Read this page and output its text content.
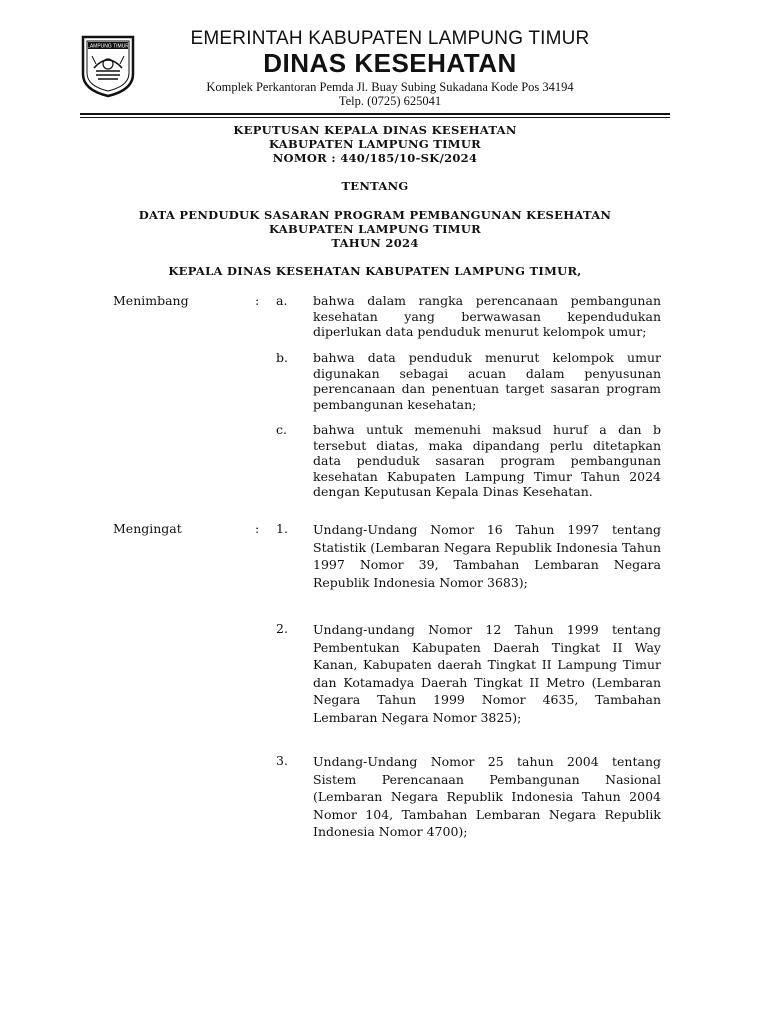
LAMPUNG TIMUR	EMERINTAH KABUPATEN LAMPUNG TIMUR
DINAS KESEHATAN
Komplek Perkantoran Pemda Jl. Buay Subing Sukadana Kode Pos 34194
Telp. (0725) 625041
KEPUTUSAN KEPALA DINAS KESEHATAN
KABUPATEN LAMPUNG TIMUR
NOMOR : 440/185/10-SK/2024
TENTANG
DATA PENDUDUK SASARAN PROGRAM PEMBANGUNAN KESEHATAN
KABUPATEN LAMPUNG TIMUR
TAHUN 2024
KEPALA DINAS KESEHATAN KABUPATEN LAMPUNG TIMUR,
Menimbang	: a. bahwa dalam rangka perencanaan pembangunan kesehatan yang berwawasan kependudukan diperlukan data penduduk menurut kelompok umur;
b. bahwa data penduduk menurut kelompok umur digunakan sebagai acuan dalam penyusunan perencanaan dan penentuan target sasaran program pembangunan kesehatan;
c. bahwa untuk memenuhi maksud huruf a dan b tersebut diatas, maka dipandang perlu ditetapkan data penduduk sasaran program pembangunan kesehatan Kabupaten Lampung Timur Tahun 2024 dengan Keputusan Kepala Dinas Kesehatan.
Mengingat	: 1. Undang-Undang Nomor 16 Tahun 1997 tentang Statistik (Lembaran Negara Republik Indonesia Tahun 1997 Nomor 39, Tambahan Lembaran Negara Republik Indonesia Nomor 3683);
2. Undang-undang Nomor 12 Tahun 1999 tentang Pembentukan Kabupaten Daerah Tingkat II Way Kanan, Kabupaten daerah Tingkat II Lampung Timur dan Kotamadya Daerah Tingkat II Metro (Lembaran Negara Tahun 1999 Nomor 4635, Tambahan Lembaran Negara Nomor 3825);
3. Undang-Undang Nomor 25 tahun 2004 tentang Sistem Perencanaan Pembangunan Nasional (Lembaran Negara Republik Indonesia Tahun 2004 Nomor 104, Tambahan Lembaran Negara Republik Indonesia Nomor 4700);
